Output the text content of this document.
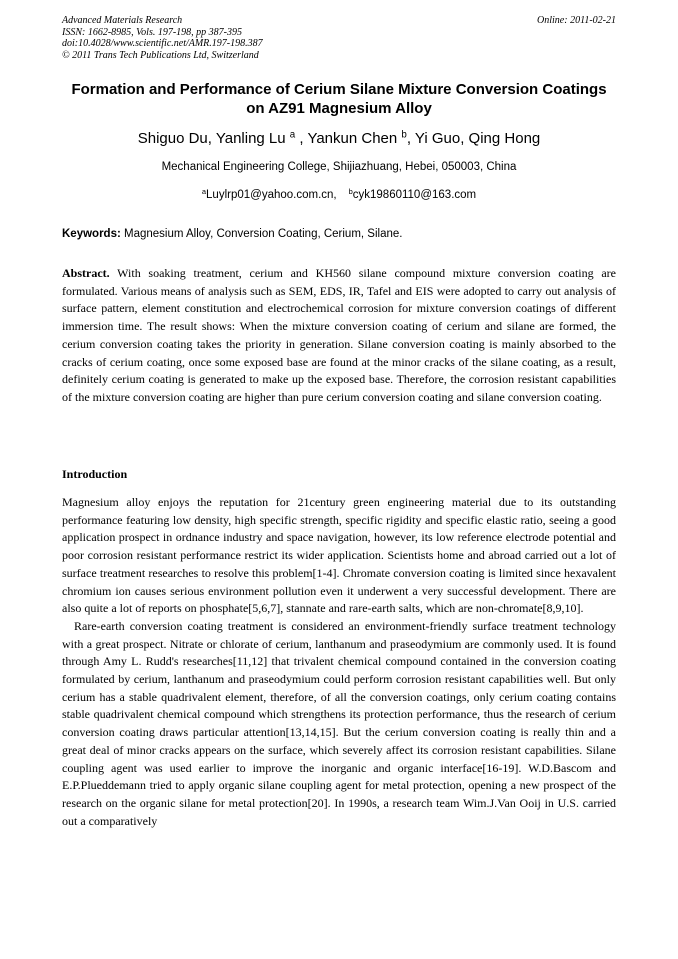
Advanced Materials Research
ISSN: 1662-8985, Vols. 197-198, pp 387-395
doi:10.4028/www.scientific.net/AMR.197-198.387
© 2011 Trans Tech Publications Ltd, Switzerland
Online: 2011-02-21
Formation and Performance of Cerium Silane Mixture Conversion Coatings on AZ91 Magnesium Alloy
Shiguo Du, Yanling Lu $^a$ , Yankun Chen $^b$, Yi Guo, Qing Hong
Mechanical Engineering College, Shijiazhuang, Hebei, 050003, China
$^a$Luylrp01@yahoo.com.cn, $^b$cyk19860110@163.com
Keywords: Magnesium Alloy, Conversion Coating, Cerium, Silane.

Abstract. With soaking treatment, cerium and KH560 silane compound mixture conversion coating are formulated. Various means of analysis such as SEM, EDS, IR, Tafel and EIS were adopted to carry out analysis of surface pattern, element constitution and electrochemical corrosion for mixture conversion coatings of different immersion time. The result shows: When the mixture conversion coating of cerium and silane are formed, the cerium conversion coating takes the priority in generation. Silane conversion coating is mainly absorbed to the cracks of cerium coating, once some exposed base are found at the minor cracks of the silane coating, as a result, definitely cerium coating is generated to make up the exposed base. Therefore, the corrosion resistant capabilities of the mixture conversion coating are higher than pure cerium conversion coating and silane conversion coating.

Introduction

Magnesium alloy enjoys the reputation for 21century green engineering material due to its outstanding performance featuring low density, high specific strength, specific rigidity and specific elastic ratio, seeing a good application prospect in ordnance industry and space navigation, however, its low reference electrode potential and poor corrosion resistant performance restrict its wider application. Scientists home and abroad carried out a lot of surface treatment researches to resolve this problem[1-4]. Chromate conversion coating is limited since hexavalent chromium ion causes serious environment pollution even it underwent a very successful development. There are also quite a lot of reports on phosphate[5,6,7], stannate and rare-earth salts, which are non-chromate[8,9,10].

Rare-earth conversion coating treatment is considered an environment-friendly surface treatment technology with a great prospect. Nitrate or chlorate of cerium, lanthanum and praseodymium are commonly used. It is found through Amy L. Rudd's researches[11,12] that trivalent chemical compound contained in the conversion coating formulated by cerium, lanthanum and praseodymium could perform corrosion resistant capabilities well. But only cerium has a stable quadrivalent element, therefore, of all the conversion coatings, only cerium coating contains stable quadrivalent chemical compound which strengthens its protection performance, thus the research of cerium conversion coating draws particular attention[13,14,15]. But the cerium conversion coating is really thin and a great deal of minor cracks appears on the surface, which severely affect its corrosion resistant capabilities. Silane coupling agent was used earlier to improve the inorganic and organic interface[16-19]. W.D.Bascom and E.P.Plueddemann tried to apply organic silane coupling agent for metal protection, opening a new prospect of the research on the organic silane for metal protection[20]. In 1990s, a research team Wim.J.Van Ooij in U.S. carried out a comparatively
